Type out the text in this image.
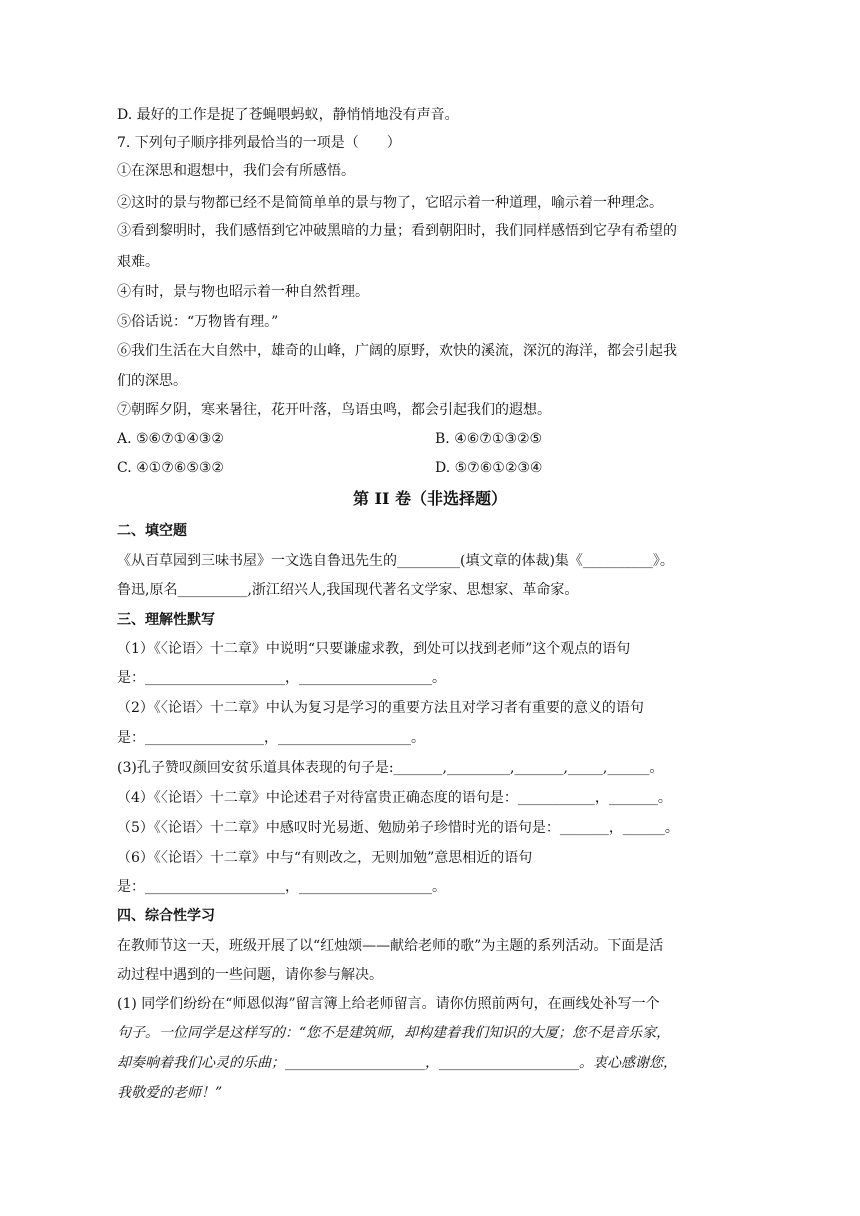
D. 最好的工作是捉了苍蝇喂蚂蚁，静悄悄地没有声音。
7. 下列句子顺序排列最恰当的一项是（　　）
①在深思和遐想中，我们会有所感悟。
②这时的景与物都已经不是简简单单的景与物了，它昭示着一种道理，喻示着一种理念。
③看到黎明时，我们感悟到它冲破黑暗的力量；看到朝阳时，我们同样感悟到它孕有希望的
艰难。
④有时，景与物也昭示着一种自然哲理。
⑤俗话说：“万物皆有理。”
⑥我们生活在大自然中，雄奇的山峰，广阔的原野，欢快的溪流，深沉的海洋，都会引起我
们的深思。
⑦朝晖夕阴，寒来暑往，花开叶落，鸟语虫鸣，都会引起我们的遐想。
A. ⑤⑥⑦①④③②	B. ④⑥⑦①③②⑤
C. ④①⑦⑥⑤③②	D. ⑤⑦⑥①②③④
第 II 卷（非选择题）
二、填空题
《从百草园到三味书屋》一文选自鲁迅先生的_________(填文章的体裁)集《__________》。
鲁迅,原名__________,浙江绍兴人,我国现代著名文学家、思想家、革命家。
三、理解性默写
（1）《〈论语〉十二章》中说明“只要谦虚求教，到处可以找到老师”这个观点的语句
是：____________________，___________________。
（2）《〈论语〉十二章》中认为复习是学习的重要方法且对学习者有重要的意义的语句
是：_________________，___________________。
(3)孔子赞叹颜回安贫乐道具体表现的句子是:_______,_________,_______,_____,______。
（4）《〈论语〉十二章》中论述君子对待富贵正确态度的语句是：___________，_______。
（5）《〈论语〉十二章》中感叹时光易逝、勉励弟子珍惜时光的语句是：_______，______。
（6）《〈论语〉十二章》中与“有则改之，无则加勉”意思相近的语句
是：____________________，___________________。
四、综合性学习
在教师节这一天，班级开展了以“红烛颂——献给老师的歌”为主题的系列活动。下面是活
动过程中遇到的一些问题，请你参与解决。
(1) 同学们纷纷在“师恩似海”留言簿上给老师留言。请你仿照前两句，在画线处补写一个
句子。一位同学是这样写的：“您不是建筑师，却构建着我们知识的大厦；您不是音乐家，
却奏响着我们心灵的乐曲；____________________，____________________。衷心感谢您，
我敬爱的老师！”
